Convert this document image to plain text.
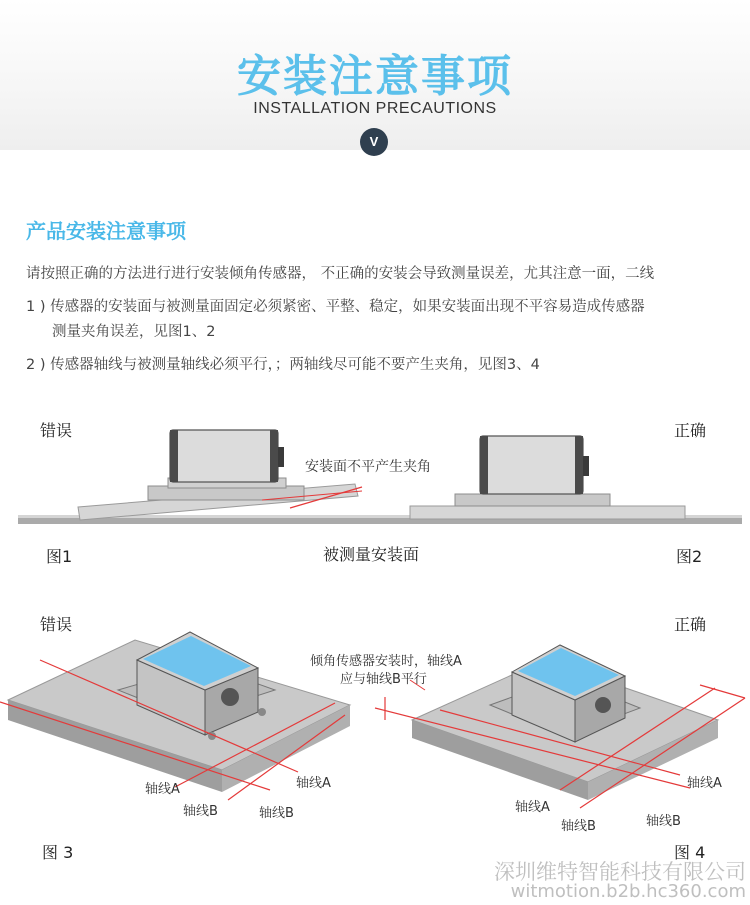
安装注意事项
INSTALLATION PRECAUTIONS
V
产品安装注意事项
请按照正确的方法进行进行安装倾角传感器， 不正确的安装会导致测量误差，尤其注意一面，二线
1 ) 传感器的安装面与被测量面固定必须紧密、平整、稳定，如果安装面出现不平容易造成传感器
测量夹角误差，见图1、2
2 ) 传感器轴线与被测量轴线必须平行，；两轴线尽可能不要产生夹角，见图3、4
错误	正确
安装面不平产生夹角
被测量安装面
图1	图2
错误	正确
倾角传感器安装时，轴线A
应与轴线B平行
轴线A
轴线A
轴线B	轴线B
轴线A
轴线A
轴线B	轴线B
图 3	图 4
深圳维特智能科技有限公司
witmotion.b2b.hc360.com
